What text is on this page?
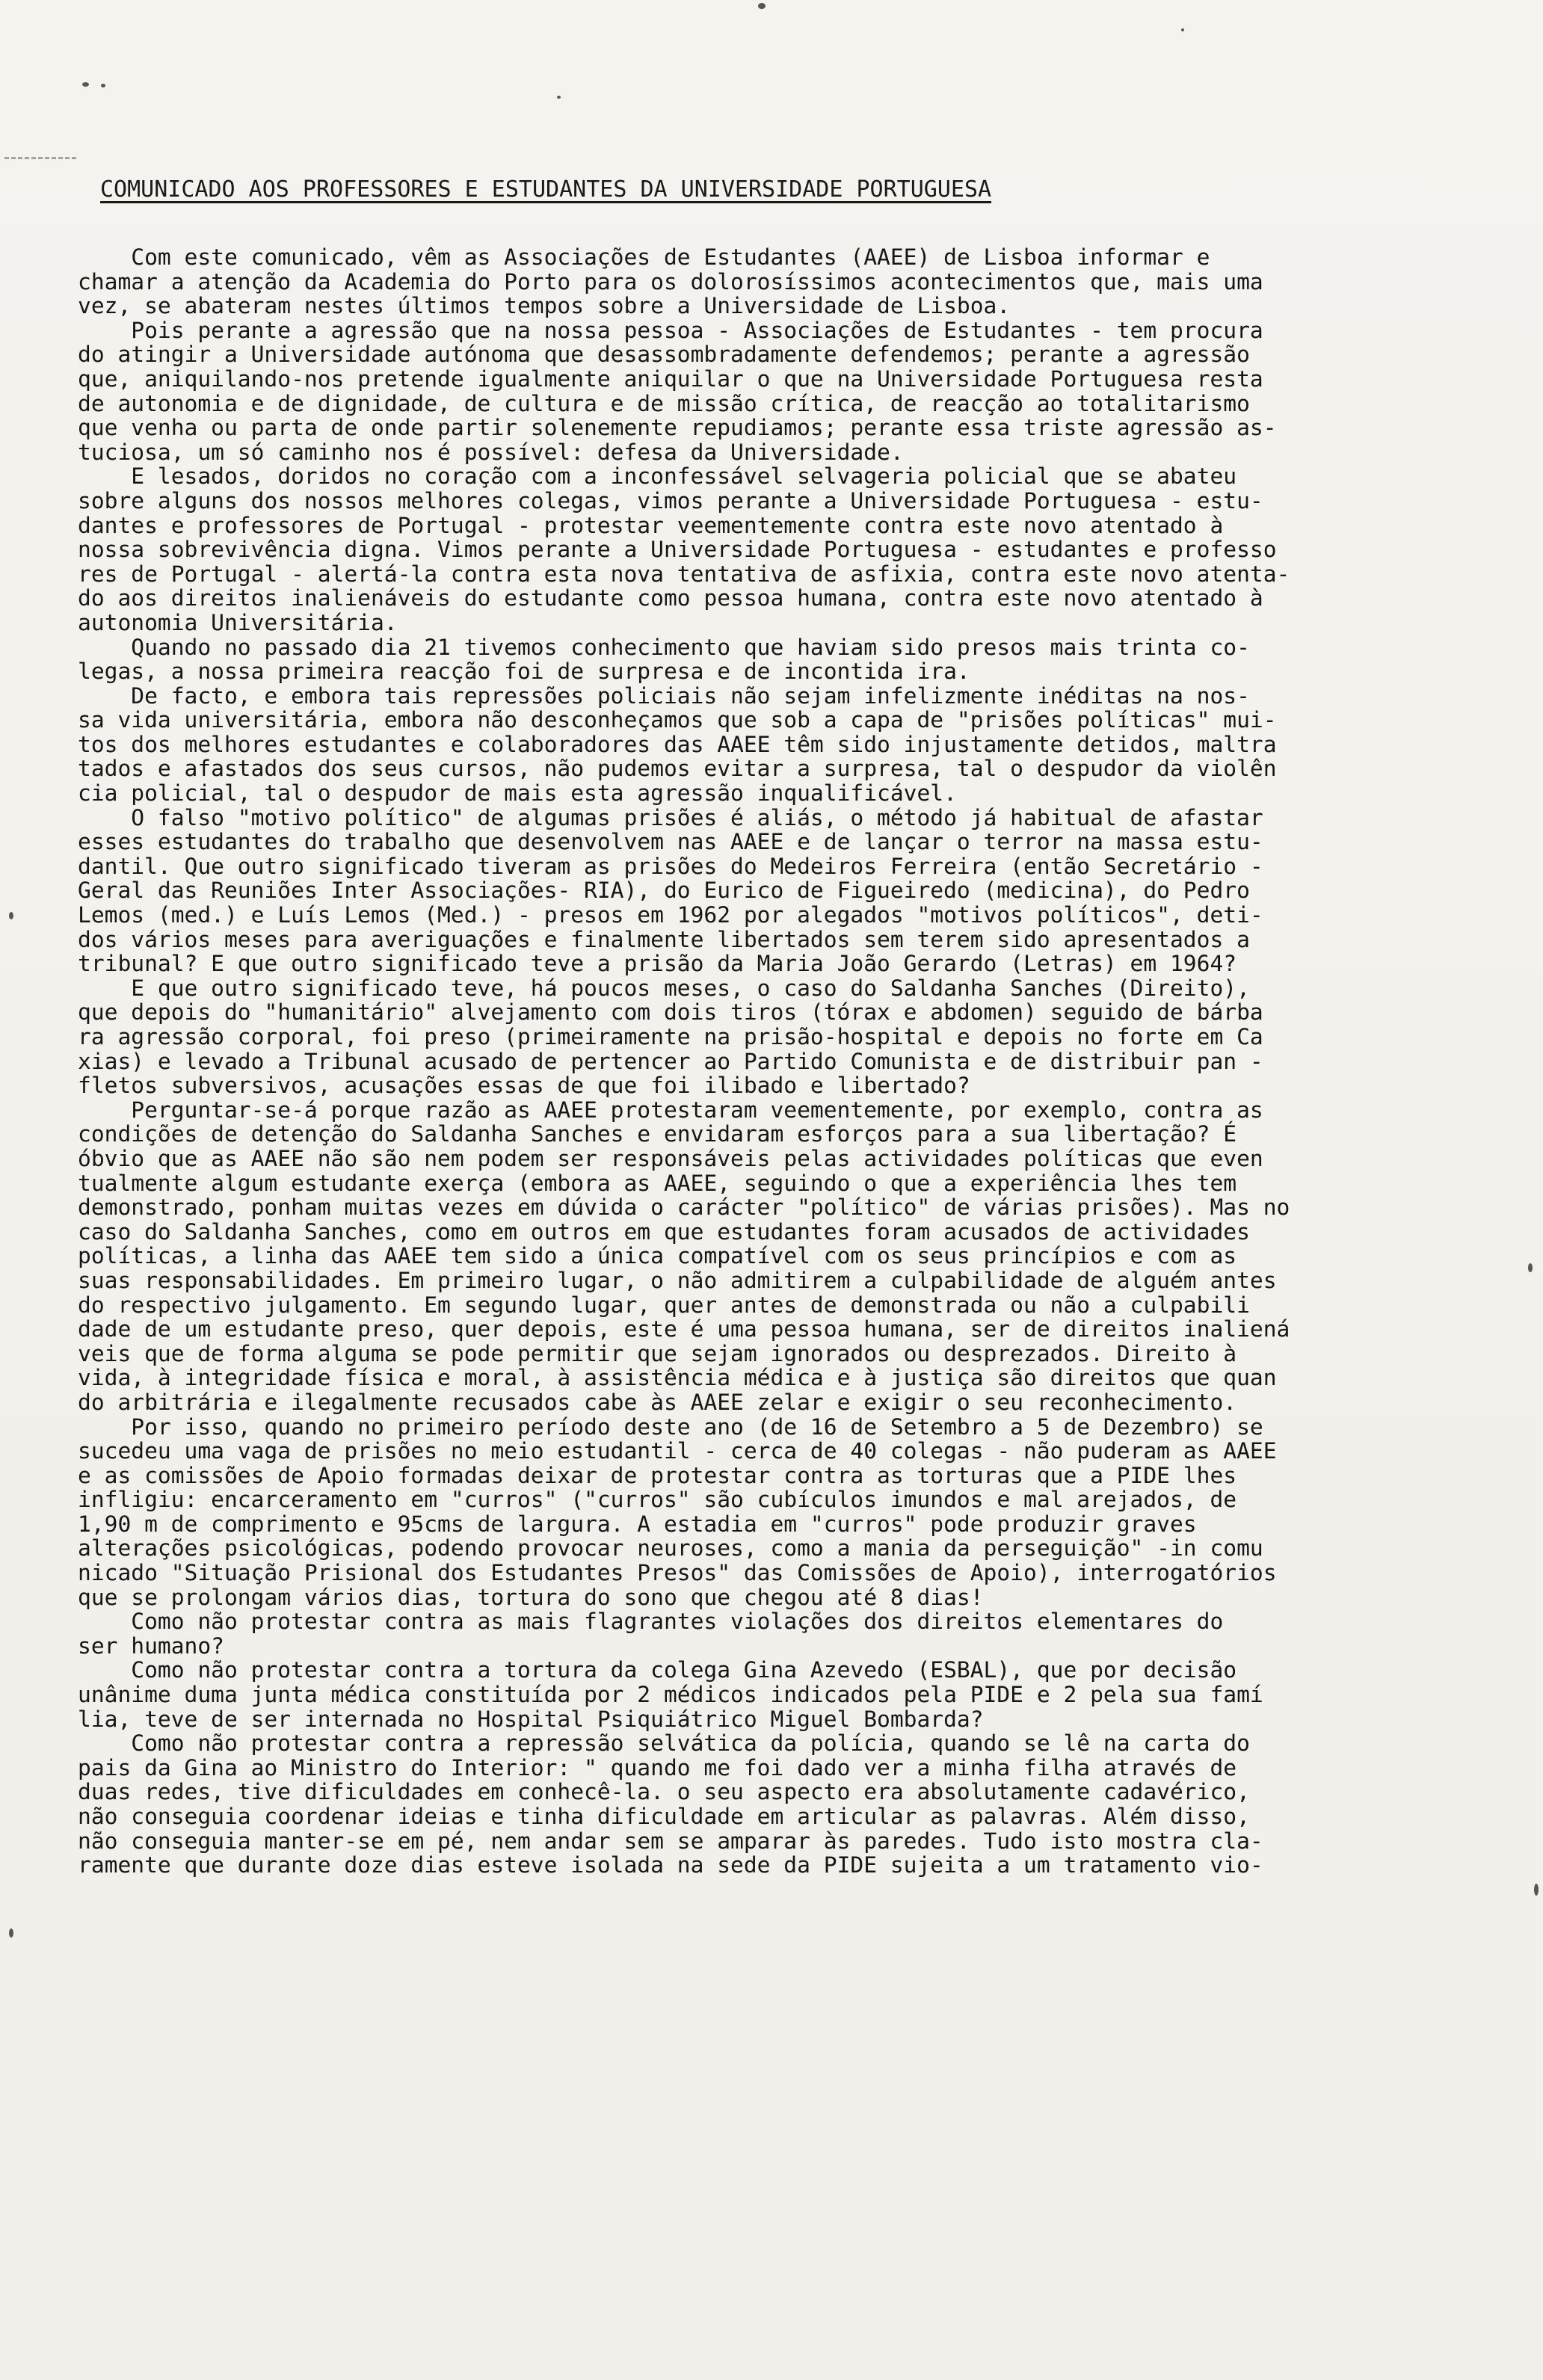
COMUNICADO AOS PROFESSORES E ESTUDANTES DA UNIVERSIDADE PORTUGUESA
Com este comunicado, vêm as Associações de Estudantes (AAEE) de Lisboa informar e
chamar a atenção da Academia do Porto para os dolorosíssimos acontecimentos que, mais uma
vez, se abateram nestes últimos tempos sobre a Universidade de Lisboa.
Pois perante a agressão que na nossa pessoa - Associações de Estudantes - tem procura
do atingir a Universidade autónoma que desassombradamente defendemos; perante a agressão
que, aniquilando-nos pretende igualmente aniquilar o que na Universidade Portuguesa resta
de autonomia e de dignidade, de cultura e de missão crítica, de reacção ao totalitarismo
que venha ou parta de onde partir solenemente repudiamos; perante essa triste agressão as-
tuciosa, um só caminho nos é possível: defesa da Universidade.
E lesados, doridos no coração com a inconfessável selvageria policial que se abateu
sobre alguns dos nossos melhores colegas, vimos perante a Universidade Portuguesa - estu-
dantes e professores de Portugal - protestar veementemente contra este novo atentado à
nossa sobrevivência digna. Vimos perante a Universidade Portuguesa - estudantes e professo
res de Portugal - alertá-la contra esta nova tentativa de asfixia, contra este novo atenta-
do aos direitos inalienáveis do estudante como pessoa humana, contra este novo atentado à
autonomia Universitária.
Quando no passado dia 21 tivemos conhecimento que haviam sido presos mais trinta co-
legas, a nossa primeira reacção foi de surpresa e de incontida ira.
De facto, e embora tais repressões policiais não sejam infelizmente inéditas na nos-
sa vida universitária, embora não desconheçamos que sob a capa de "prisões políticas" mui-
tos dos melhores estudantes e colaboradores das AAEE têm sido injustamente detidos, maltra
tados e afastados dos seus cursos, não pudemos evitar a surpresa, tal o despudor da violên
cia policial, tal o despudor de mais esta agressão inqualificável.
O falso "motivo político" de algumas prisões é aliás, o método já habitual de afastar
esses estudantes do trabalho que desenvolvem nas AAEE e de lançar o terror na massa estu-
dantil. Que outro significado tiveram as prisões do Medeiros Ferreira (então Secretário -
Geral das Reuniões Inter Associações- RIA), do Eurico de Figueiredo (medicina), do Pedro
Lemos (med.) e Luís Lemos (Med.) - presos em 1962 por alegados "motivos políticos", deti-
dos vários meses para averiguações e finalmente libertados sem terem sido apresentados a
tribunal? E que outro significado teve a prisão da Maria João Gerardo (Letras) em 1964?
E que outro significado teve, há poucos meses, o caso do Saldanha Sanches (Direito),
que depois do "humanitário" alvejamento com dois tiros (tórax e abdomen) seguido de bárba
ra agressão corporal, foi preso (primeiramente na prisão-hospital e depois no forte em Ca
xias) e levado a Tribunal acusado de pertencer ao Partido Comunista e de distribuir pan -
fletos subversivos, acusações essas de que foi ilibado e libertado?
Perguntar-se-á porque razão as AAEE protestaram veementemente, por exemplo, contra as
condições de detenção do Saldanha Sanches e envidaram esforços para a sua libertação? É
óbvio que as AAEE não são nem podem ser responsáveis pelas actividades políticas que even
tualmente algum estudante exerça (embora as AAEE, seguindo o que a experiência lhes tem
demonstrado, ponham muitas vezes em dúvida o carácter "político" de várias prisões). Mas no
caso do Saldanha Sanches, como em outros em que estudantes foram acusados de actividades
políticas, a linha das AAEE tem sido a única compatível com os seus princípios e com as
suas responsabilidades. Em primeiro lugar, o não admitirem a culpabilidade de alguém antes
do respectivo julgamento. Em segundo lugar, quer antes de demonstrada ou não a culpabili
dade de um estudante preso, quer depois, este é uma pessoa humana, ser de direitos inaliená
veis que de forma alguma se pode permitir que sejam ignorados ou desprezados. Direito à
vida, à integridade física e moral, à assistência médica e à justiça são direitos que quan
do arbitrária e ilegalmente recusados cabe às AAEE zelar e exigir o seu reconhecimento.
Por isso, quando no primeiro período deste ano (de 16 de Setembro a 5 de Dezembro) se
sucedeu uma vaga de prisões no meio estudantil - cerca de 40 colegas - não puderam as AAEE
e as comissões de Apoio formadas deixar de protestar contra as torturas que a PIDE lhes
infligiu: encarceramento em "curros" ("curros" são cubículos imundos e mal arejados, de
1,90 m de comprimento e 95cms de largura. A estadia em "curros" pode produzir graves
alterações psicológicas, podendo provocar neuroses, como a mania da perseguição" -in comu
nicado "Situação Prisional dos Estudantes Presos" das Comissões de Apoio), interrogatórios
que se prolongam vários dias, tortura do sono que chegou até 8 dias!
Como não protestar contra as mais flagrantes violações dos direitos elementares do
ser humano?
Como não protestar contra a tortura da colega Gina Azevedo (ESBAL), que por decisão
unânime duma junta médica constituída por 2 médicos indicados pela PIDE e 2 pela sua famí
lia, teve de ser internada no Hospital Psiquiátrico Miguel Bombarda?
Como não protestar contra a repressão selvática da polícia, quando se lê na carta do
pais da Gina ao Ministro do Interior: " quando me foi dado ver a minha filha através de
duas redes, tive dificuldades em conhecê-la. o seu aspecto era absolutamente cadavérico,
não conseguia coordenar ideias e tinha dificuldade em articular as palavras. Além disso,
não conseguia manter-se em pé, nem andar sem se amparar às paredes. Tudo isto mostra cla-
ramente que durante doze dias esteve isolada na sede da PIDE sujeita a um tratamento vio-
